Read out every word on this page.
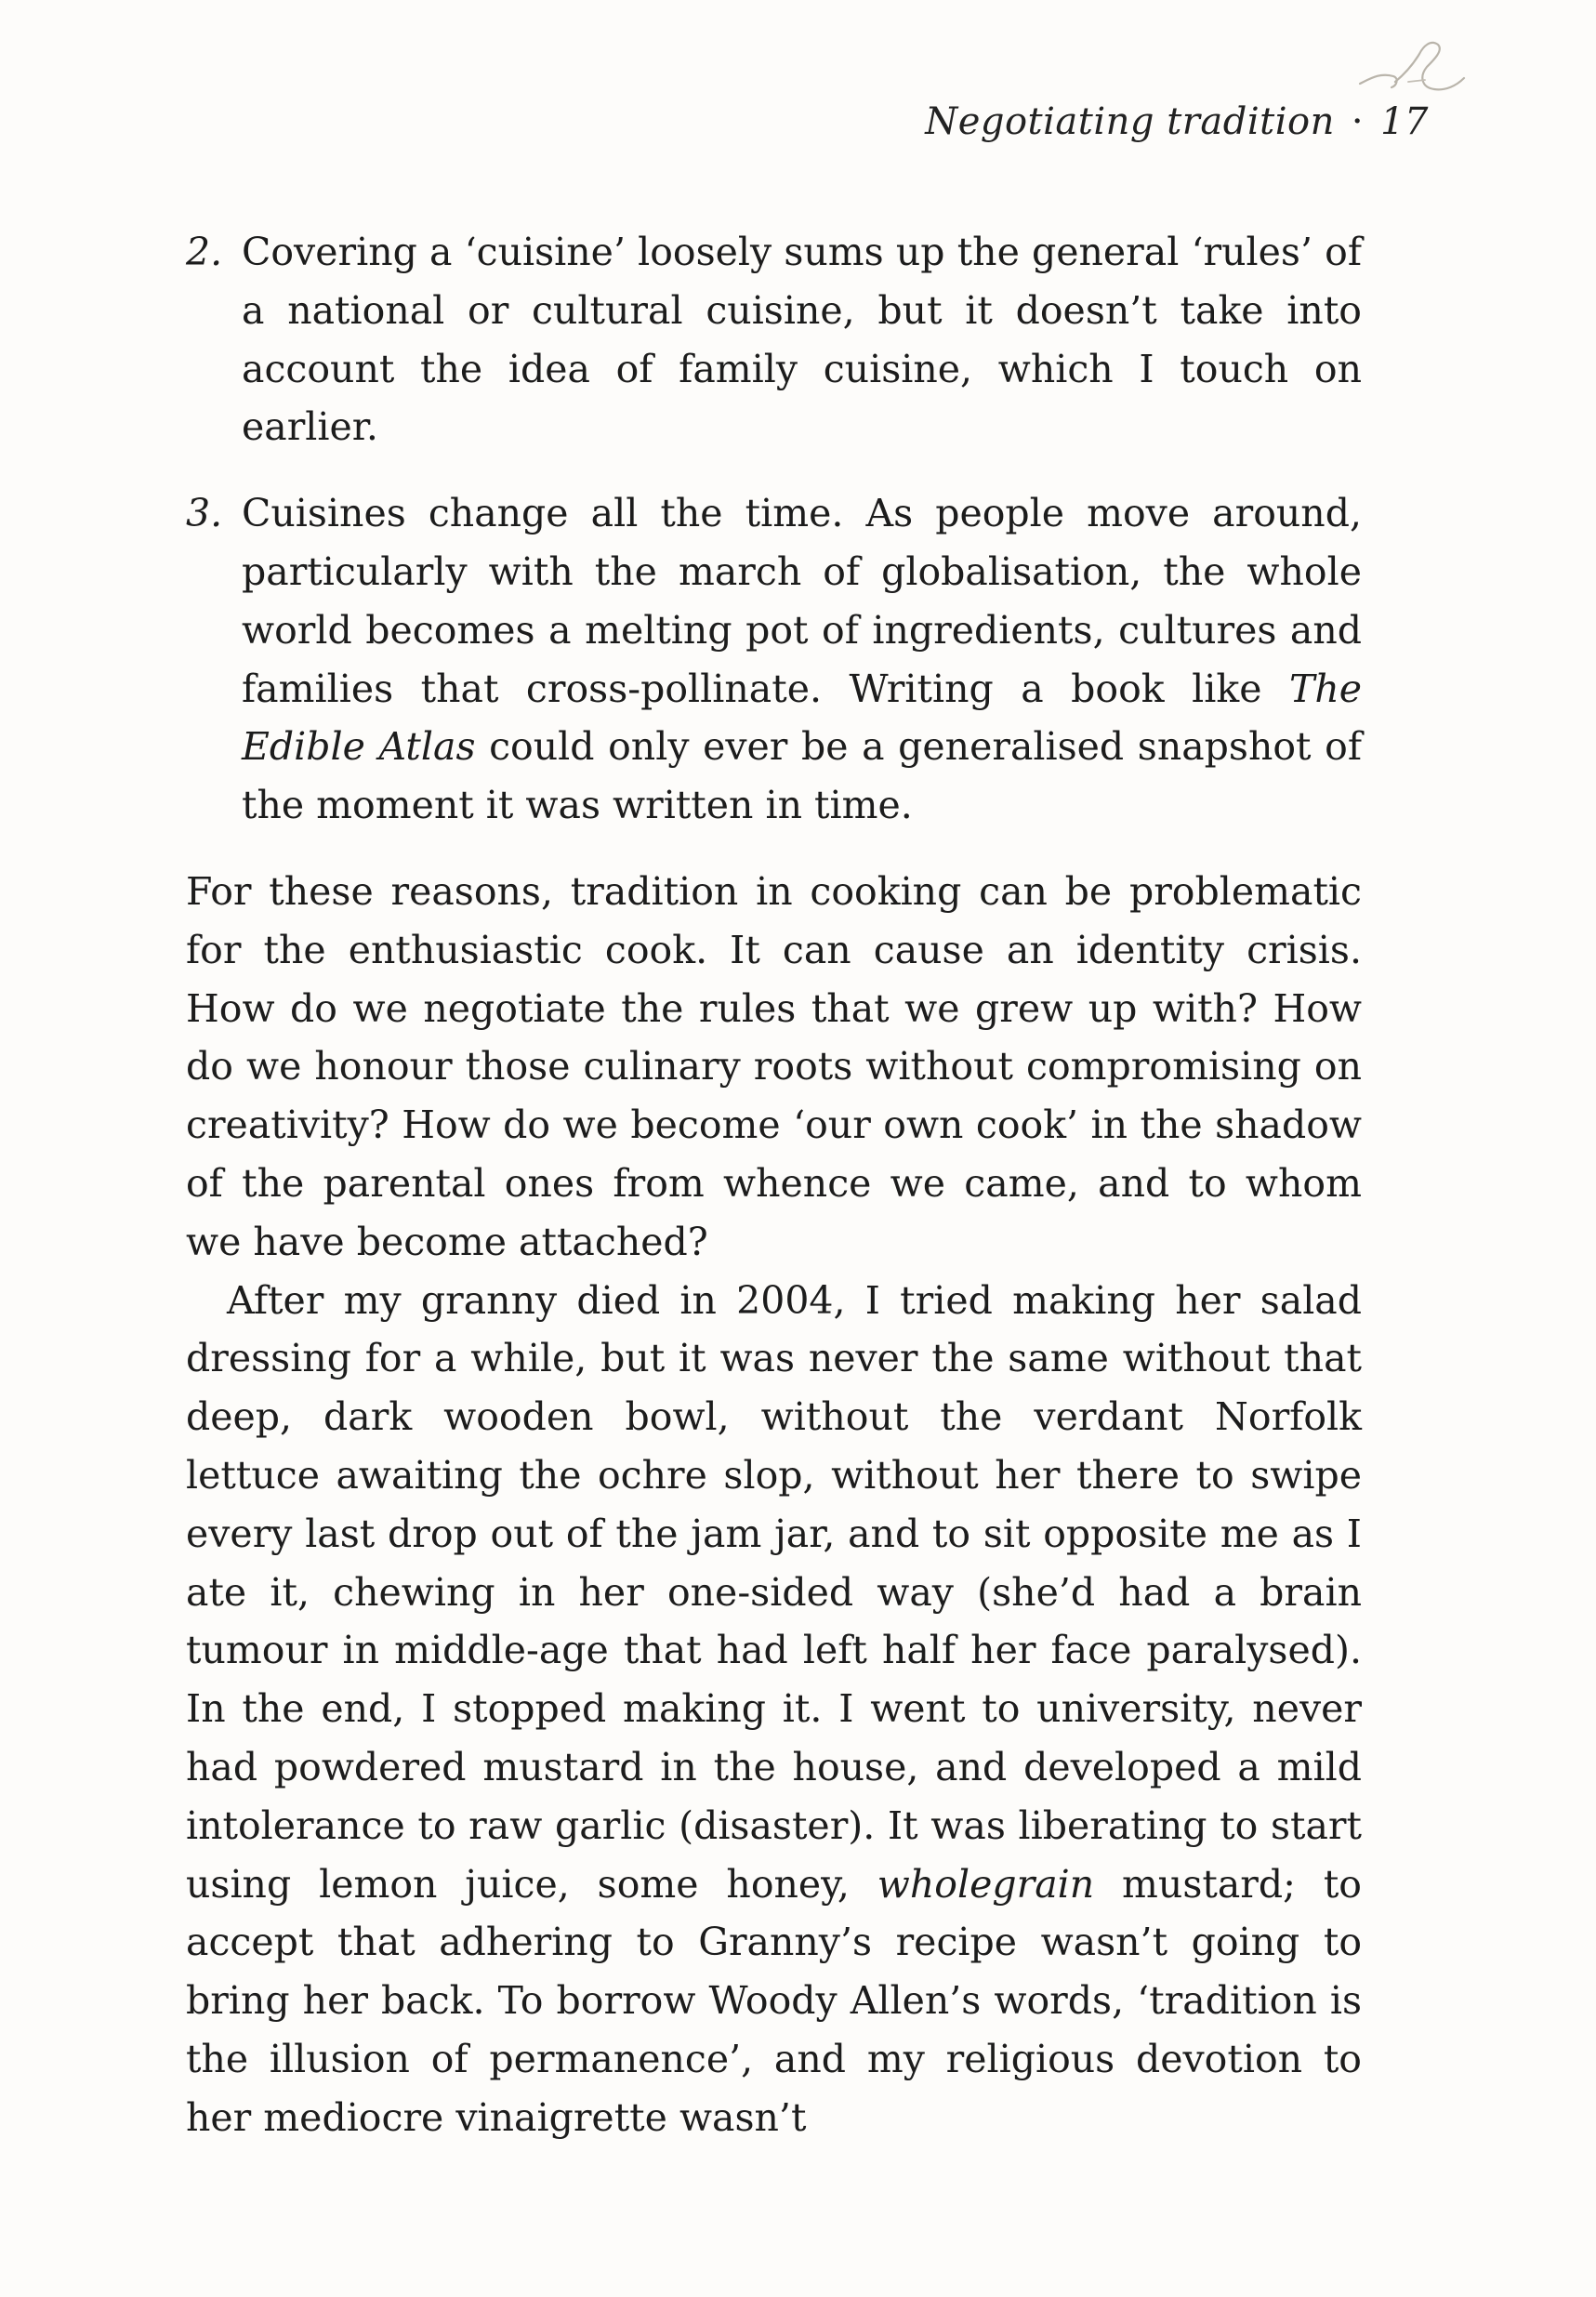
Negotiating tradition · 17
2. Covering a ‘cuisine’ loosely sums up the general ‘rules’ of a national or cultural cuisine, but it doesn’t take into account the idea of family cuisine, which I touch on earlier.

3. Cuisines change all the time. As people move around, particularly with the march of globalisation, the whole world becomes a melting pot of ingredients, cultures and families that cross-pollinate. Writing a book like The Edible Atlas could only ever be a generalised snapshot of the moment it was written in time.

For these reasons, tradition in cooking can be problematic for the enthusiastic cook. It can cause an identity crisis. How do we negotiate the rules that we grew up with? How do we honour those culinary roots without compromising on creativity? How do we become ‘our own cook’ in the shadow of the parental ones from whence we came, and to whom we have become attached?

After my granny died in 2004, I tried making her salad dressing for a while, but it was never the same without that deep, dark wooden bowl, without the verdant Norfolk lettuce awaiting the ochre slop, without her there to swipe every last drop out of the jam jar, and to sit opposite me as I ate it, chewing in her one-sided way (she’d had a brain tumour in middle-age that had left half her face paralysed). In the end, I stopped making it. I went to university, never had powdered mustard in the house, and developed a mild intolerance to raw garlic (disaster). It was liberating to start using lemon juice, some honey, wholegrain mustard; to accept that adhering to Granny’s recipe wasn’t going to bring her back. To borrow Woody Allen’s words, ‘tradition is the illusion of permanence’, and my religious devotion to her mediocre vinaigrette wasn’t
